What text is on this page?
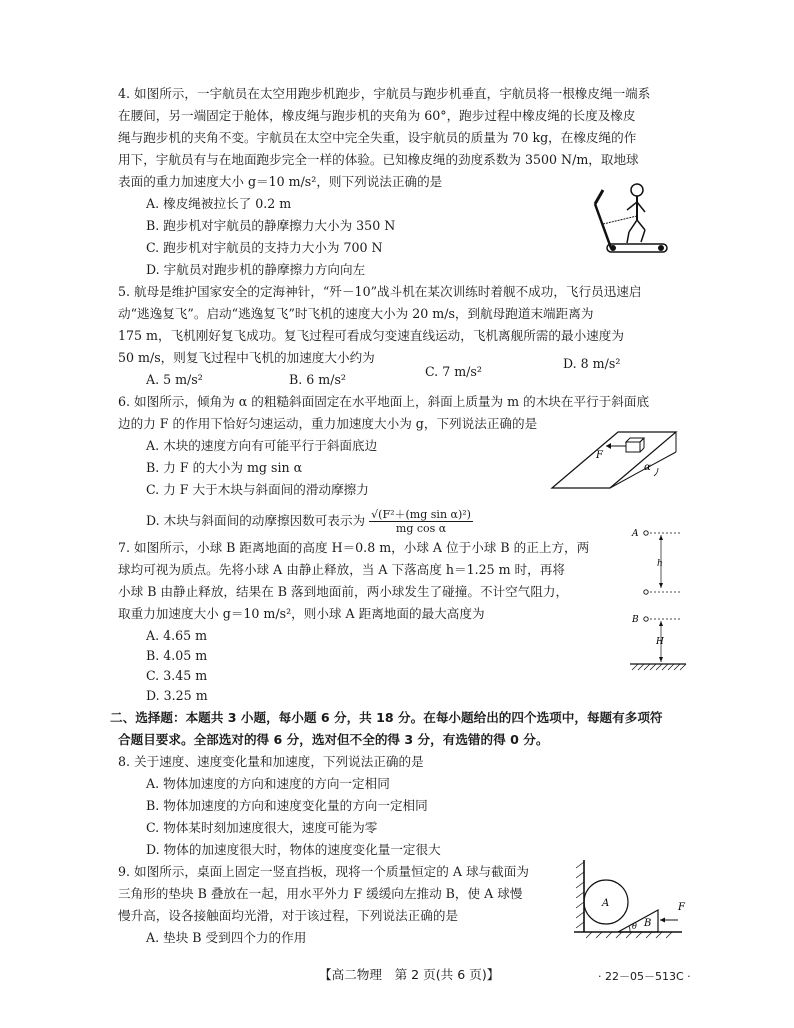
4. 如图所示，一宇航员在太空用跑步机跑步，宇航员与跑步机垂直，宇航员将一根橡皮绳一端系
在腰间，另一端固定于舱体，橡皮绳与跑步机的夹角为 60°，跑步过程中橡皮绳的长度及橡皮
绳与跑步机的夹角不变。宇航员在太空中完全失重，设宇航员的质量为 70 kg，在橡皮绳的作
用下，宇航员有与在地面跑步完全一样的体验。已知橡皮绳的劲度系数为 3500 N/m，取地球
表面的重力加速度大小 g＝10 m/s²，则下列说法正确的是
A. 橡皮绳被拉长了 0.2 m
B. 跑步机对宇航员的静摩擦力大小为 350 N
C. 跑步机对宇航员的支持力大小为 700 N
D. 宇航员对跑步机的静摩擦力方向向左
5. 航母是维护国家安全的定海神针，“歼－10”战斗机在某次训练时着舰不成功，飞行员迅速启
动“逃逸复飞”。启动“逃逸复飞”时飞机的速度大小为 20 m/s，到航母跑道末端距离为
175 m，飞机刚好复飞成功。复飞过程可看成匀变速直线运动，飞机离舰所需的最小速度为
50 m/s，则复飞过程中飞机的加速度大小约为
A. 5 m/s²	B. 6 m/s²
C. 7 m/s²
D. 8 m/s²
6. 如图所示，倾角为 α 的粗糙斜面固定在水平地面上，斜面上质量为 m 的木块在平行于斜面底
边的力 F 的作用下恰好匀速运动，重力加速度大小为 g，下列说法正确的是
A. 木块的速度方向有可能平行于斜面底边
B. 力 F 的大小为 mg sin α
C. 力 F 大于木块与斜面间的滑动摩擦力
D. 木块与斜面间的动摩擦因数可表示为 $\frac{\text{√(F²＋(mg sin α)²)}}{\text{mg cos α}}$
F
α
7. 如图所示，小球 B 距离地面的高度 H＝0.8 m，小球 A 位于小球 B 的正上方，两
球均可视为质点。先将小球 A 由静止释放，当 A 下落高度 h＝1.25 m 时，再将
小球 B 由静止释放，结果在 B 落到地面前，两小球发生了碰撞。不计空气阻力，
取重力加速度大小 g＝10 m/s²，则小球 A 距离地面的最大高度为
A. 4.65 m
B. 4.05 m
C. 3.45 m
D. 3.25 m
A
h
B
H
二、选择题：本题共 3 小题，每小题 6 分，共 18 分。在每小题给出的四个选项中，每题有多项符
合题目要求。全部选对的得 6 分，选对但不全的得 3 分，有选错的得 0 分。
8. 关于速度、速度变化量和加速度，下列说法正确的是
A. 物体加速度的方向和速度的方向一定相同
B. 物体加速度的方向和速度变化量的方向一定相同
C. 物体某时刻加速度很大，速度可能为零
D. 物体的加速度很大时，物体的速度变化量一定很大
9. 如图所示，桌面上固定一竖直挡板，现将一个质量恒定的 A 球与截面为
三角形的垫块 B 叠放在一起，用水平外力 F 缓缓向左推动 B，使 A 球慢
慢升高，设各接触面均光滑，对于该过程，下列说法正确的是
A. 垫块 B 受到四个力的作用
A
B
θ
F
【高二物理　第 2 页(共 6 页)】	· 22－05－513C ·
